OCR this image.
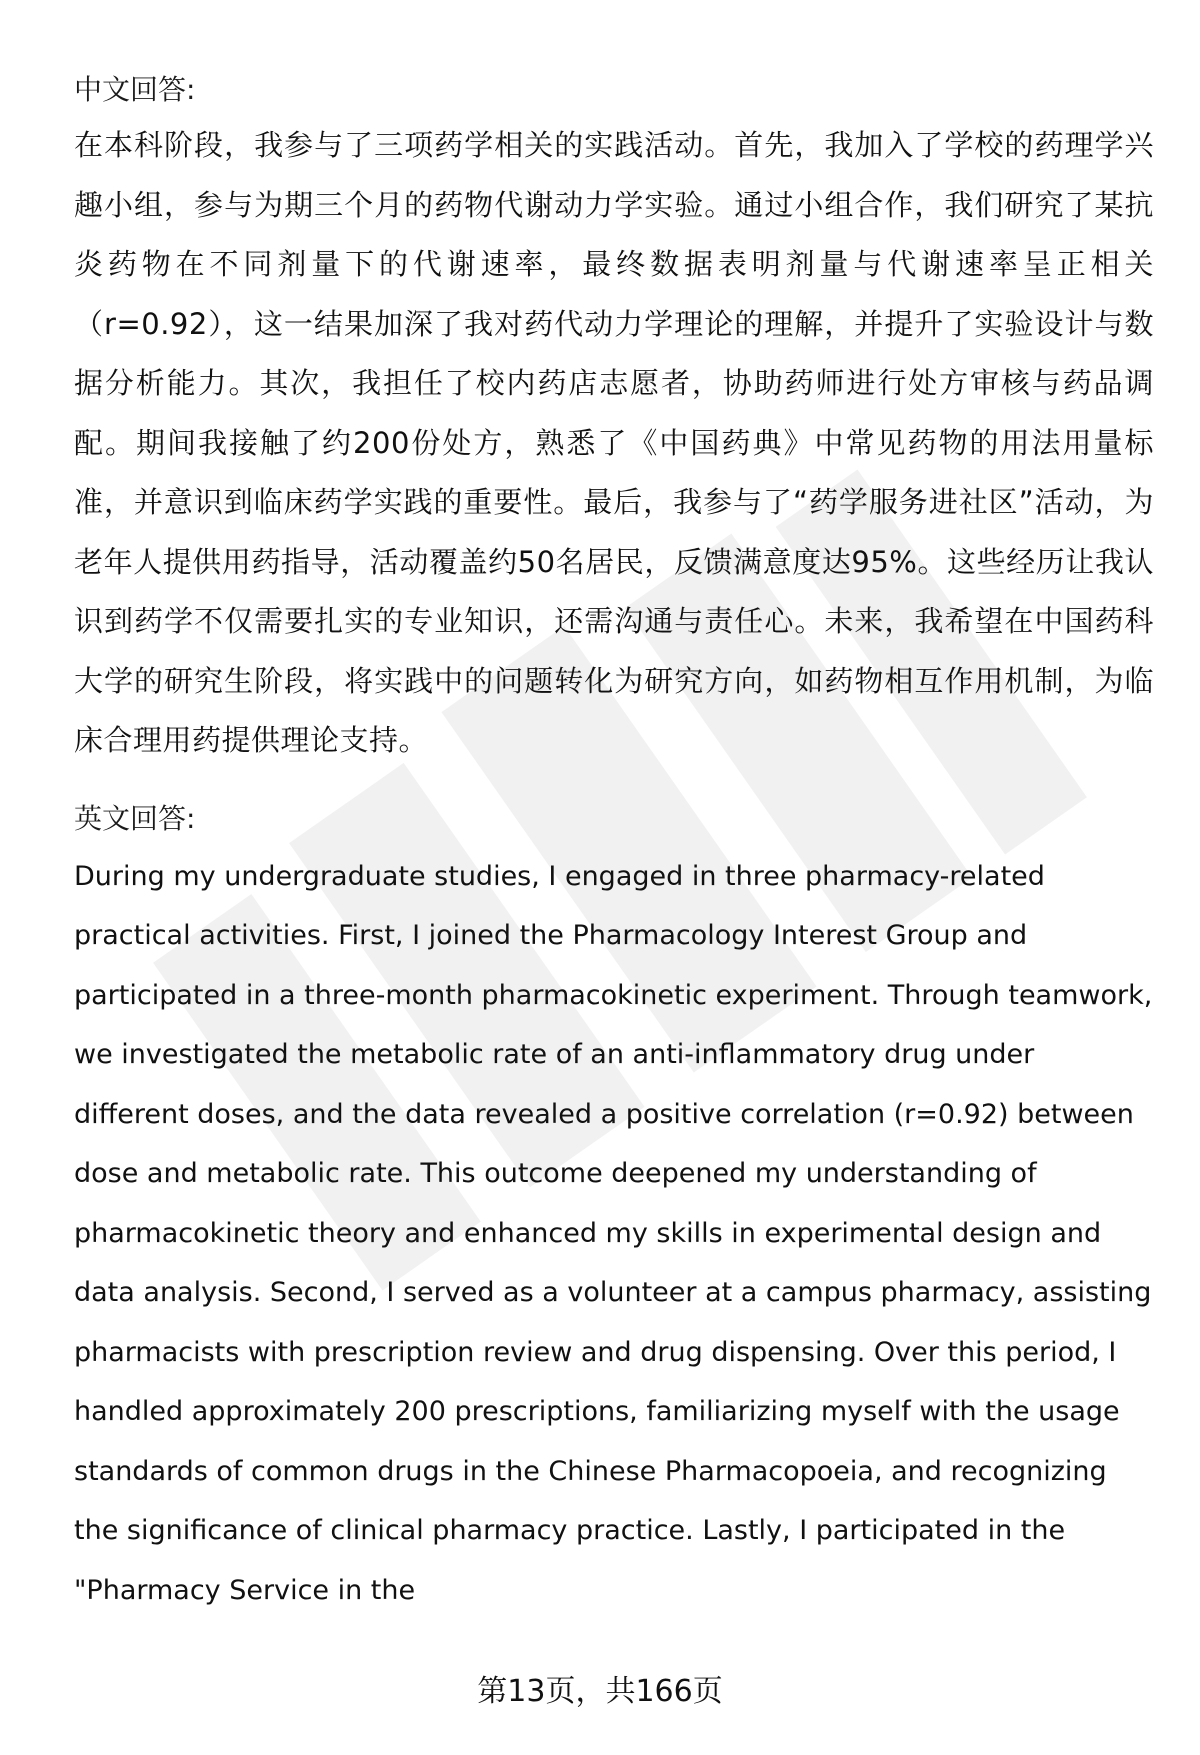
中文回答:

在本科阶段，我参与了三项药学相关的实践活动。首先，我加入了学校的药理学兴趣小组，参与为期三个月的药物代谢动力学实验。通过小组合作，我们研究了某抗炎药物在不同剂量下的代谢速率，最终数据表明剂量与代谢速率呈正相关（r=0.92），这一结果加深了我对药代动力学理论的理解，并提升了实验设计与数据分析能力。其次，我担任了校内药店志愿者，协助药师进行处方审核与药品调配。期间我接触了约200份处方，熟悉了《中国药典》中常见药物的用法用量标准，并意识到临床药学实践的重要性。最后，我参与了“药学服务进社区”活动，为老年人提供用药指导，活动覆盖约50名居民，反馈满意度达95%。这些经历让我认识到药学不仅需要扎实的专业知识，还需沟通与责任心。未来，我希望在中国药科大学的研究生阶段，将实践中的问题转化为研究方向，如药物相互作用机制，为临床合理用药提供理论支持。

英文回答:

During my undergraduate studies, I engaged in three pharmacy-related practical activities. First, I joined the Pharmacology Interest Group and participated in a three-month pharmacokinetic experiment. Through teamwork, we investigated the metabolic rate of an anti-inflammatory drug under different doses, and the data revealed a positive correlation (r=0.92) between dose and metabolic rate. This outcome deepened my understanding of pharmacokinetic theory and enhanced my skills in experimental design and data analysis. Second, I served as a volunteer at a campus pharmacy, assisting pharmacists with prescription review and drug dispensing. Over this period, I handled approximately 200 prescriptions, familiarizing myself with the usage standards of common drugs in the Chinese Pharmacopoeia, and recognizing the significance of clinical pharmacy practice. Lastly, I participated in the "Pharmacy Service in the

第13页，共166页
